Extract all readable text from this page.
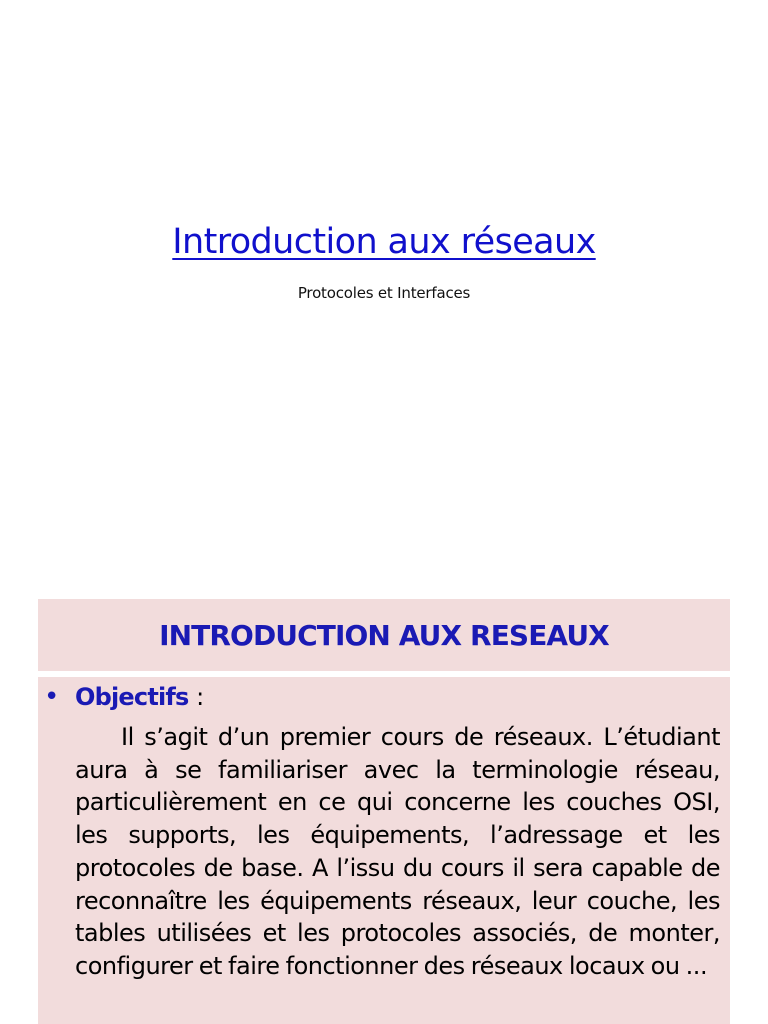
Introduction aux réseaux
Protocoles et Interfaces
INTRODUCTION AUX RESEAUX
• Objectifs :
Il s’agit d’un premier cours de réseaux. L’étudiant aura à se familiariser avec la terminologie réseau, particulièrement en ce qui concerne les couches OSI, les supports, les équipements, l’adressage et les protocoles de base. A l’issu du cours il sera capable de reconnaître les équipements réseaux, leur couche, les tables utilisées et les protocoles associés, de monter, configurer et faire fonctionner des réseaux locaux ou ...
